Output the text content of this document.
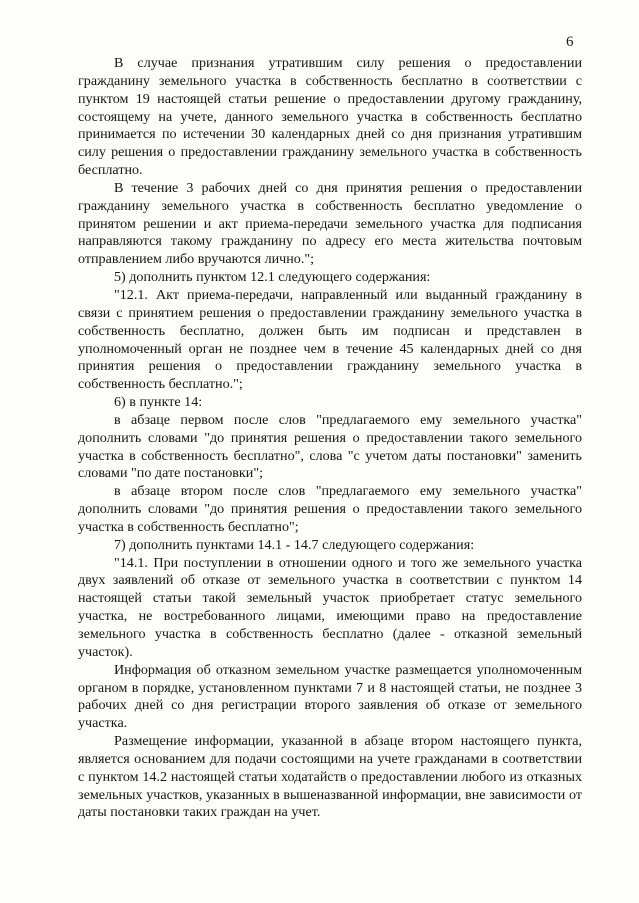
6

В случае признания утратившим силу решения о предоставлении гражданину земельного участка в собственность бесплатно в соответствии с пунктом 19 настоящей статьи решение о предоставлении другому гражданину, состоящему на учете, данного земельного участка в собственность бесплатно принимается по истечении 30 календарных дней со дня признания утратившим силу решения о предоставлении гражданину земельного участка в собственность бесплатно.

В течение 3 рабочих дней со дня принятия решения о предоставлении гражданину земельного участка в собственность бесплатно уведомление о принятом решении и акт приема-передачи земельного участка для подписания направляются такому гражданину по адресу его места жительства почтовым отправлением либо вручаются лично.";

5) дополнить пунктом 12.1 следующего содержания:

"12.1. Акт приема-передачи, направленный или выданный гражданину в связи с принятием решения о предоставлении гражданину земельного участка в собственность бесплатно, должен быть им подписан и представлен в уполномоченный орган не позднее чем в течение 45 календарных дней со дня принятия решения о предоставлении гражданину земельного участка в собственность бесплатно.";

6) в пункте 14:

в абзаце первом после слов "предлагаемого ему земельного участка" дополнить словами "до принятия решения о предоставлении такого земельного участка в собственность бесплатно", слова "с учетом даты постановки" заменить словами "по дате постановки";

в абзаце втором после слов "предлагаемого ему земельного участка" дополнить словами "до принятия решения о предоставлении такого земельного участка в собственность бесплатно";

7) дополнить пунктами 14.1 - 14.7 следующего содержания:

"14.1. При поступлении в отношении одного и того же земельного участка двух заявлений об отказе от земельного участка в соответствии с пунктом 14 настоящей статьи такой земельный участок приобретает статус земельного участка, не востребованного лицами, имеющими право на предоставление земельного участка в собственность бесплатно (далее - отказной земельный участок).

Информация об отказном земельном участке размещается уполномоченным органом в порядке, установленном пунктами 7 и 8 настоящей статьи, не позднее 3 рабочих дней со дня регистрации второго заявления об отказе от земельного участка.

Размещение информации, указанной в абзаце втором настоящего пункта, является основанием для подачи состоящими на учете гражданами в соответствии с пунктом 14.2 настоящей статьи ходатайств о предоставлении любого из отказных земельных участков, указанных в вышеназванной информации, вне зависимости от даты постановки таких граждан на учет.
